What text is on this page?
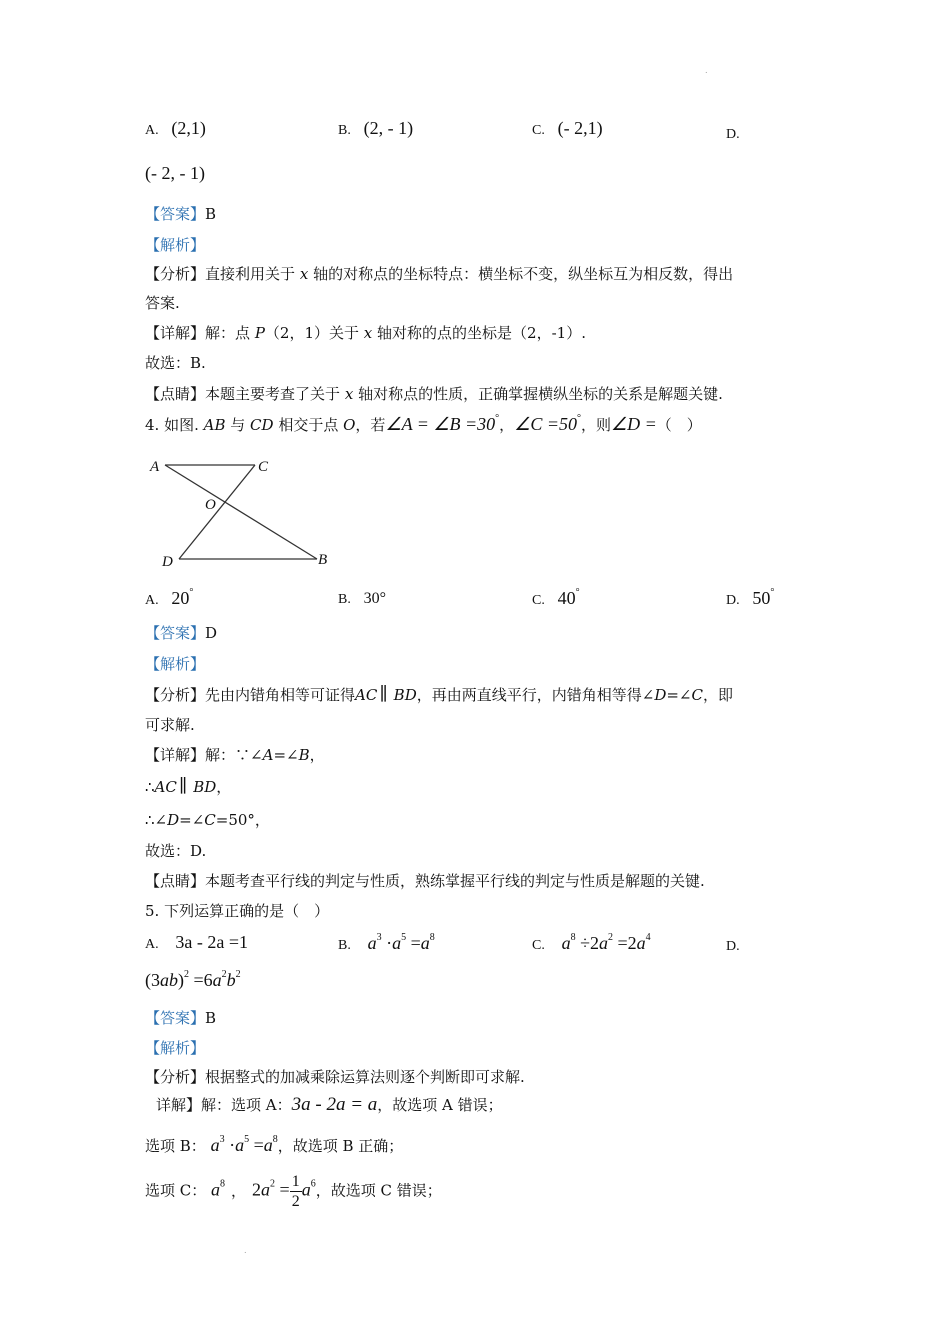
.
.
A. (2,1)	B. (2, - 1)	C. (- 2,1)	D.
(- 2, - 1)
【答案】B
【解析】
【分析】直接利用关于 x 轴的对称点的坐标特点：横坐标不变，纵坐标互为相反数，得出
答案.
【详解】解：点 P（2，1）关于 x 轴对称的点的坐标是（2，-1）.
故选：B.
【点睛】本题主要考查了关于 x 轴对称点的性质，正确掌握横纵坐标的关系是解题关键.
4. 如图. AB 与 CD 相交于点 O，若∠A = ∠B =30°，∠C =50°，则∠D =（　）
A	C
O
D	B
A. 20°	B. 30°	C. 40°
D. 50°
【答案】D
【解析】
【分析】先由内错角相等可证得AC ∥ BD，再由两直线平行，内错角相等得∠D=∠C，即
可求解.
【详解】解：∵∠A=∠B，
∴AC ∥ BD，
∴∠D=∠C=50°，
故选：D.
【点睛】本题考查平行线的判定与性质，熟练掌握平行线的判定与性质是解题的关键.
5. 下列运算正确的是（　）
A. 3a - 2a =1	B. $a^3 \cdot a^5 =a^8$
C. $a^8 \div 2a^2 =2a^4$
D.
$(3ab)^2 =6a^2b^2$
【答案】B
【解析】
【分析】根据整式的加减乘除运算法则逐个判断即可求解.
详解】解：选项 A：3a - 2a = a，故选项 A 错误；
选项 B： $a^3 \cdot a^5 =a^8$，故选项 B 正确；
选项 C： $a^8$ ， $2a^2 = \frac{1}{2} a^6$，故选项 C 错误；
